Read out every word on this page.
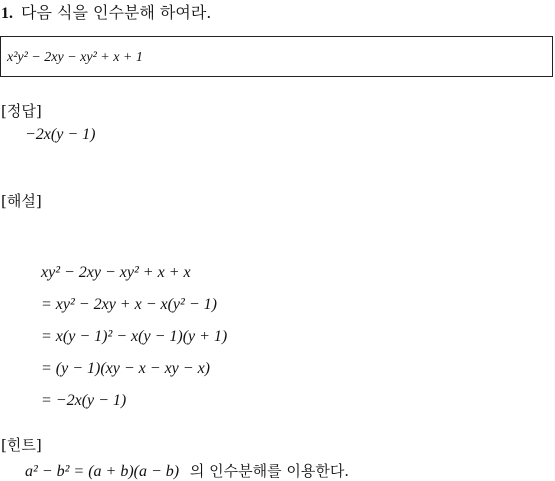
1. 다음 식을 인수분해 하여라.
x²y² − 2xy − xy² + x + 1
[정답]
−2x(y − 1)
[해설]
xy² − 2xy − xy² + x + x
= xy² − 2xy + x − x(y² − 1)
= x(y − 1)² − x(y − 1)(y + 1)
= (y − 1)(xy − x − xy − x)
= −2x(y − 1)
[힌트]
a² − b² = (a + b)(a − b) 의 인수분해를 이용한다.
